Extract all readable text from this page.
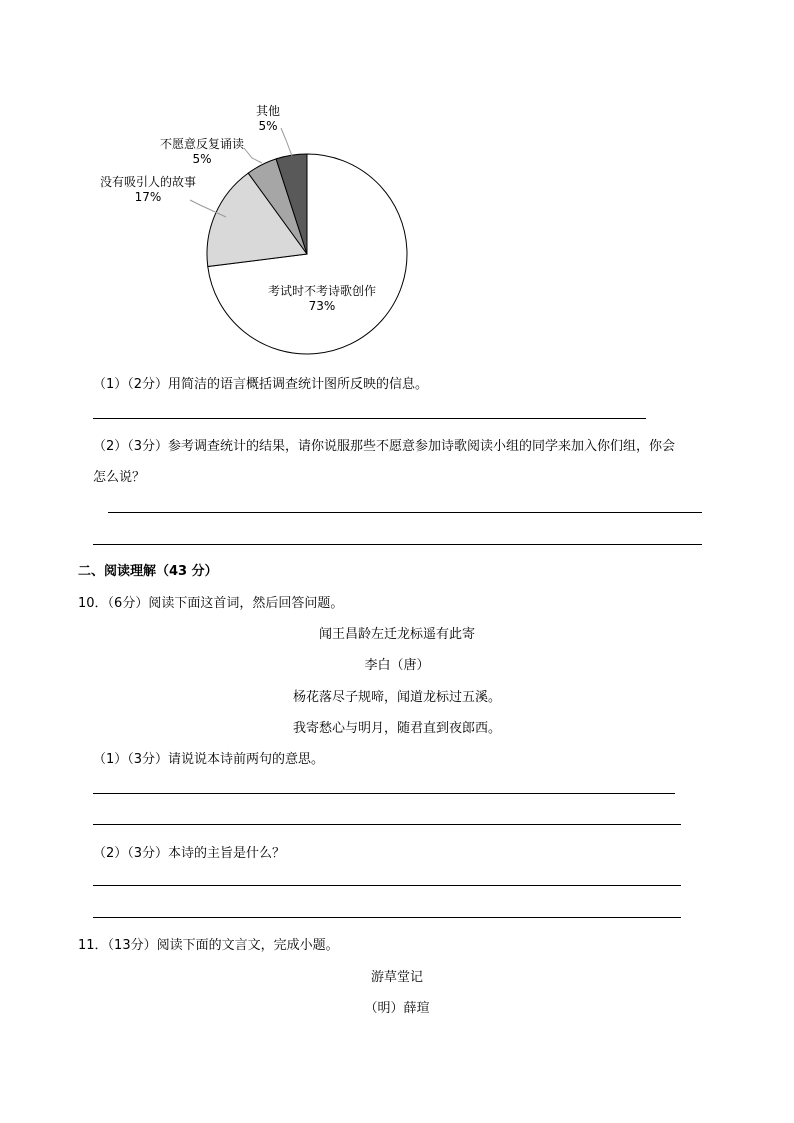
其他
5%
不愿意反复诵读
5%
没有吸引人的故事
17%
考试时不考诗歌创作
73%
（1）（2分）用简洁的语言概括调查统计图所反映的信息。
（2）（3分）参考调查统计的结果，请你说服那些不愿意参加诗歌阅读小组的同学来加入你们组，你会
怎么说？
二、阅读理解（43 分）
10．（6分）阅读下面这首词，然后回答问题。
闻王昌龄左迁龙标遥有此寄
李白（唐）
杨花落尽子规啼，闻道龙标过五溪。
我寄愁心与明月，随君直到夜郎西。
（1）（3分）请说说本诗前两句的意思。
（2）（3分）本诗的主旨是什么？
11．（13分）阅读下面的文言文，完成小题。
游草堂记
（明）薛瑄
